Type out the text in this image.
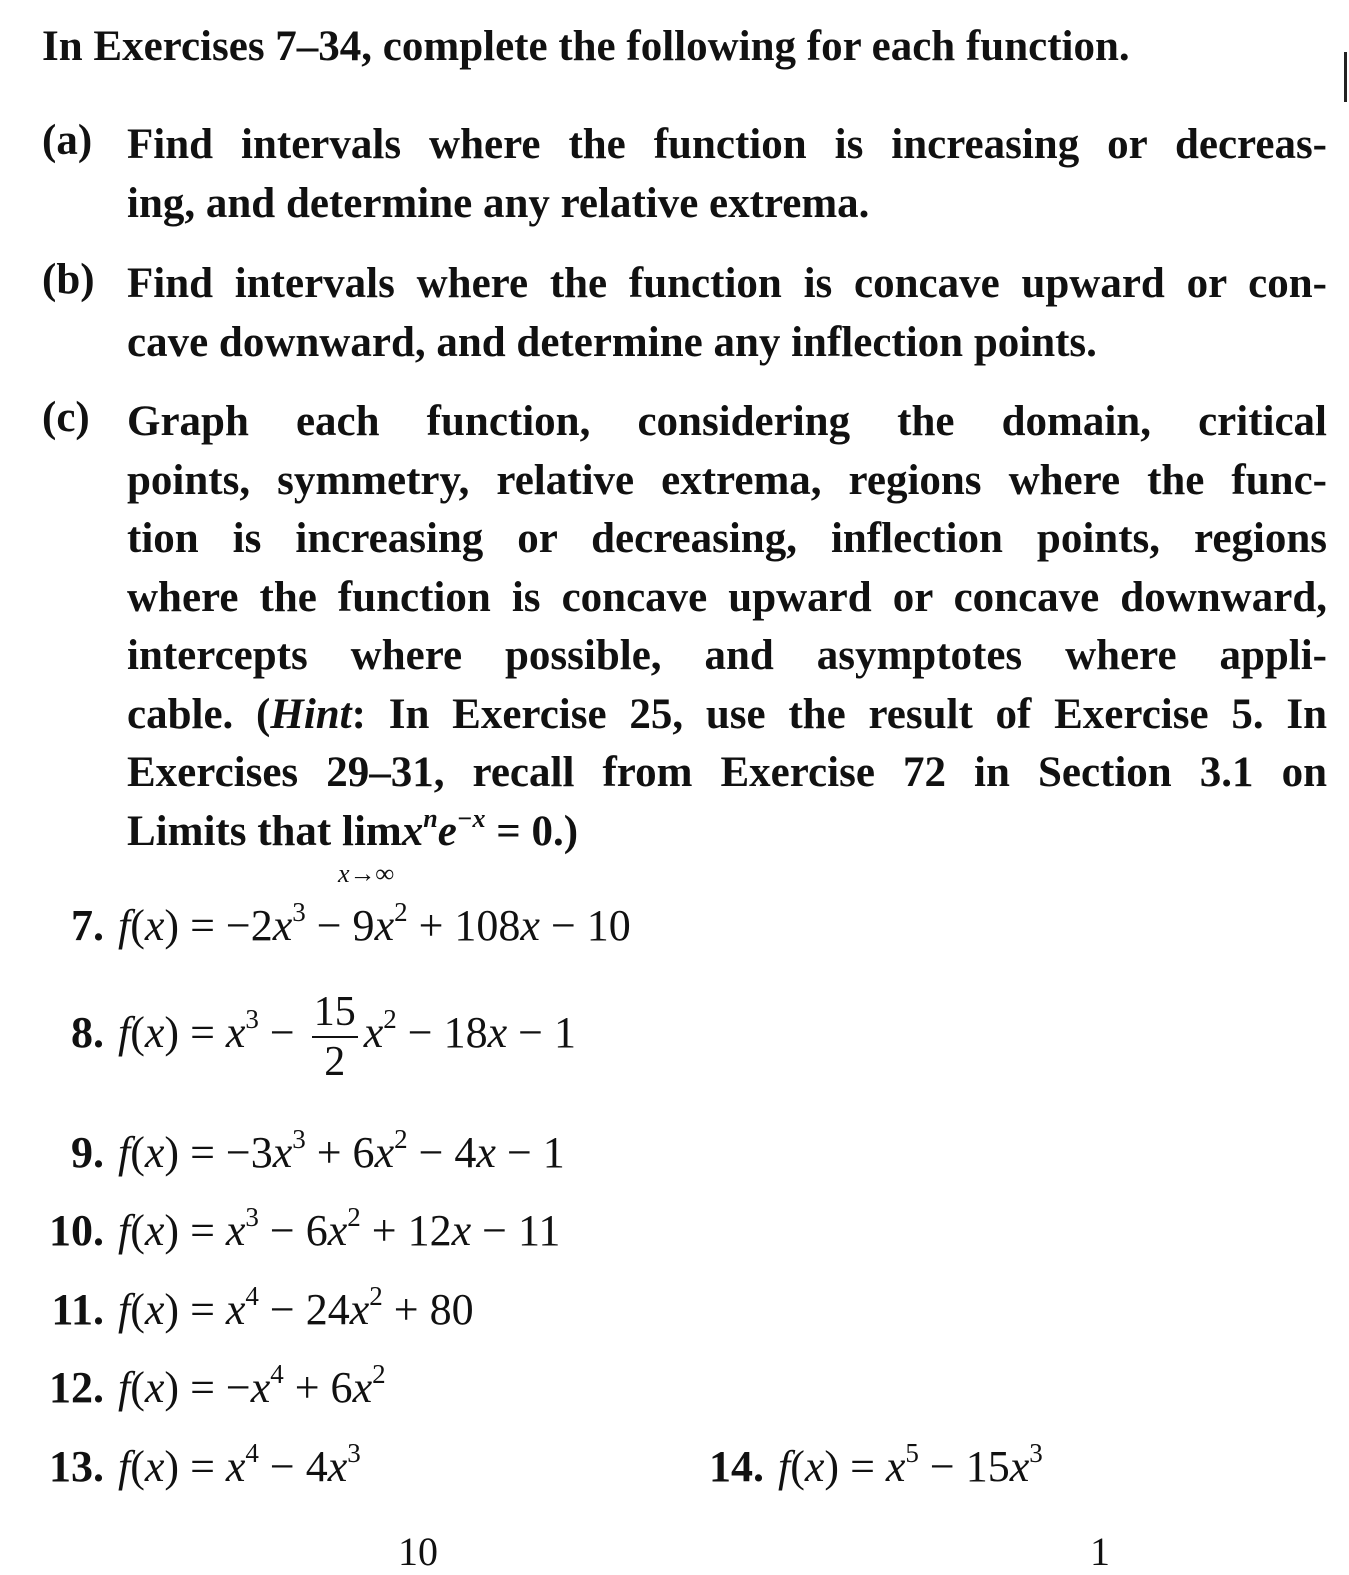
In Exercises 7–34, complete the following for each function.
(a) Find intervals where the function is increasing or decreas-
ing, and determine any relative extrema.
(b) Find intervals where the function is concave upward or con-
cave downward, and determine any inflection points.
(c) Graph each function, considering the domain, critical
points, symmetry, relative extrema, regions where the func-
tion is increasing or decreasing, inflection points, regions
where the function is concave upward or concave downward,
intercepts where possible, and asymptotes where appli-
cable. (Hint: In Exercise 25, use the result of Exercise 5. In
Exercises 29–31, recall from Exercise 72 in Section 3.1 on
Limits that lim
x→∞
$x^ne^{-x} = 0$.)
7. $f(x) = -2x^3 - 9x^2 + 108x - 10$
8. $f(x) = x^3 - \frac{15}{2} x^2 - 18x - 1$
9. $f(x) = -3x^3 + 6x^2 - 4x - 1$
10. $f(x) = x^3 - 6x^2 + 12x - 11$
11. $f(x) = x^4 - 24x^2 + 80$
12. $f(x) = -x^4 + 6x^2$
13. $f(x) = x^4 - 4x^3$	14. $f(x) = x^5 - 15x^3$
10	1
